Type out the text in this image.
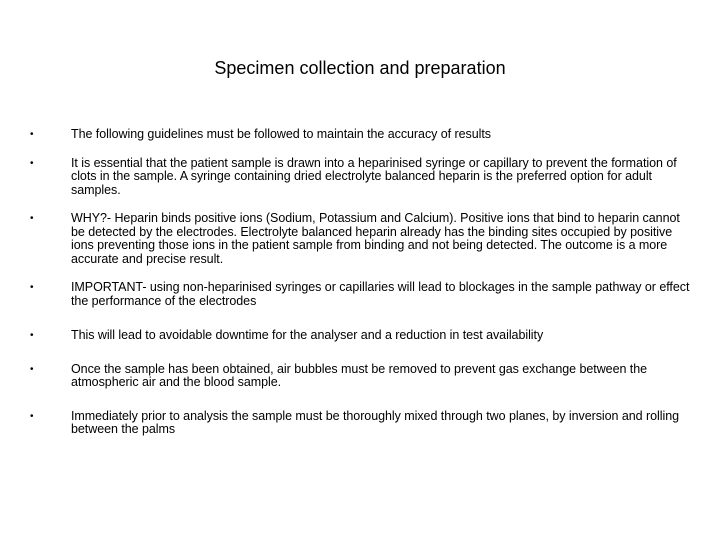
Specimen collection and preparation
•	The following guidelines must be followed to maintain the accuracy of results
•	It is essential that the patient sample is drawn into a heparinised syringe or capillary to prevent the formation of clots in the sample. A syringe containing dried electrolyte balanced heparin is the preferred option for adult samples.
•	WHY?- Heparin binds positive ions (Sodium, Potassium and Calcium). Positive ions that bind to heparin cannot be detected by the electrodes. Electrolyte balanced heparin already has the binding sites occupied by positive ions preventing those ions in the patient sample from binding and not being detected. The outcome is a more accurate and precise result.
•	IMPORTANT- using non-heparinised syringes or capillaries will lead to blockages in the sample pathway or effect the performance of the electrodes
•	This will lead to avoidable downtime for the analyser and a reduction in test availability
•	Once the sample has been obtained, air bubbles must be removed to prevent gas exchange between the atmospheric air and the blood sample.
•	Immediately prior to analysis the sample must be thoroughly mixed through two planes, by inversion and rolling between the palms
